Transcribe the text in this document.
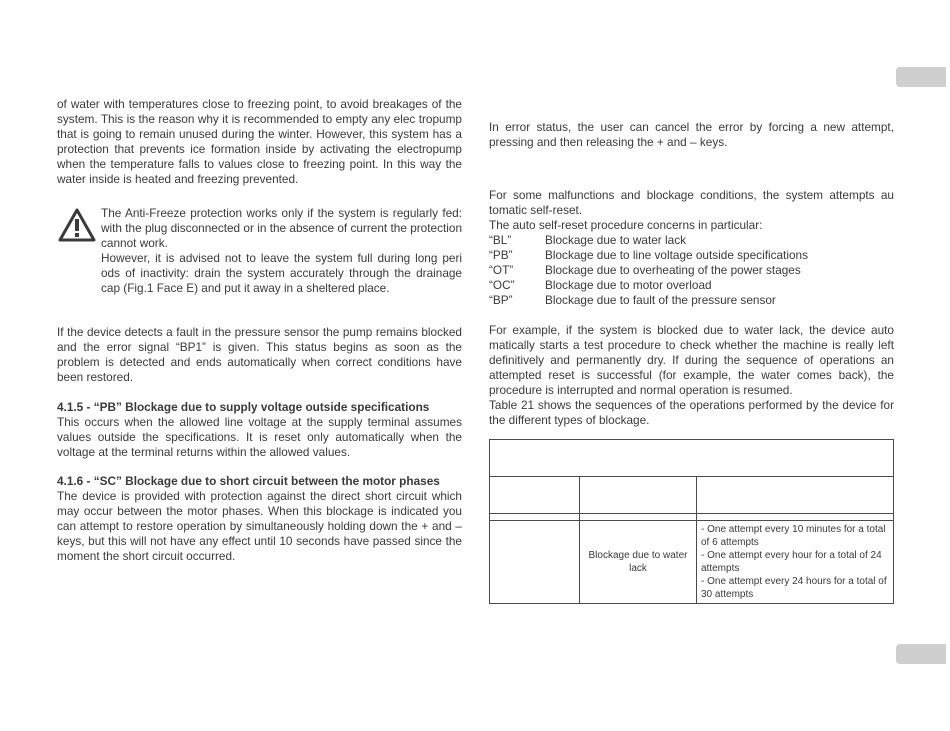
of water with temperatures close to freezing point, to avoid breakages of the system. This is the reason why it is recommended to empty any elec tropump that is going to remain unused during the winter. However, this system has a protection that prevents ice formation inside by activating the electropump when the temperature falls to values close to freezing point. In this way the water inside is heated and freezing prevented.

The Anti-Freeze protection works only if the system is regularly fed: with the plug disconnected or in the absence of current the protection cannot work.

However, it is advised not to leave the system full during long peri ods of inactivity: drain the system accurately through the drainage cap (Fig.1 Face E) and put it away in a sheltered place.

If the device detects a fault in the pressure sensor the pump remains blocked and the error signal “BP1” is given. This status begins as soon as the problem is detected and ends automatically when correct conditions have been restored.

4.1.5 - “PB” Blockage due to supply voltage outside specifications

This occurs when the allowed line voltage at the supply terminal assumes values outside the specifications. It is reset only automatically when the voltage at the terminal returns within the allowed values.

4.1.6 - “SC” Blockage due to short circuit between the motor phases

The device is provided with protection against the direct short circuit which may occur between the motor phases. When this blockage is indicated you can attempt to restore operation by simultaneously holding down the + and – keys, but this will not have any effect until 10 seconds have passed since the moment the short circuit occurred.

In error status, the user can cancel the error by forcing a new attempt, pressing and then releasing the + and – keys.

For some malfunctions and blockage conditions, the system attempts au tomatic self-reset.

The auto self-reset procedure concerns in particular:

“BL”	Blockage due to water lack
“PB”	Blockage due to line voltage outside specifications
“OT”	Blockage due to overheating of the power stages
“OC”	Blockage due to motor overload
“BP”	Blockage due to fault of the pressure sensor

For example, if the system is blocked due to water lack, the device auto matically starts a test procedure to check whether the machine is really left definitively and permanently dry. If during the sequence of operations an attempted reset is successful (for example, the water comes back), the procedure is interrupted and normal operation is resumed.

Table 21 shows the sequences of the operations performed by the device for the different types of blockage.

	Blockage due to water lack	- One attempt every 10 minutes for a total of 6 attempts
- One attempt every hour for a total of 24 attempts
- One attempt every 24 hours for a total of 30 attempts
